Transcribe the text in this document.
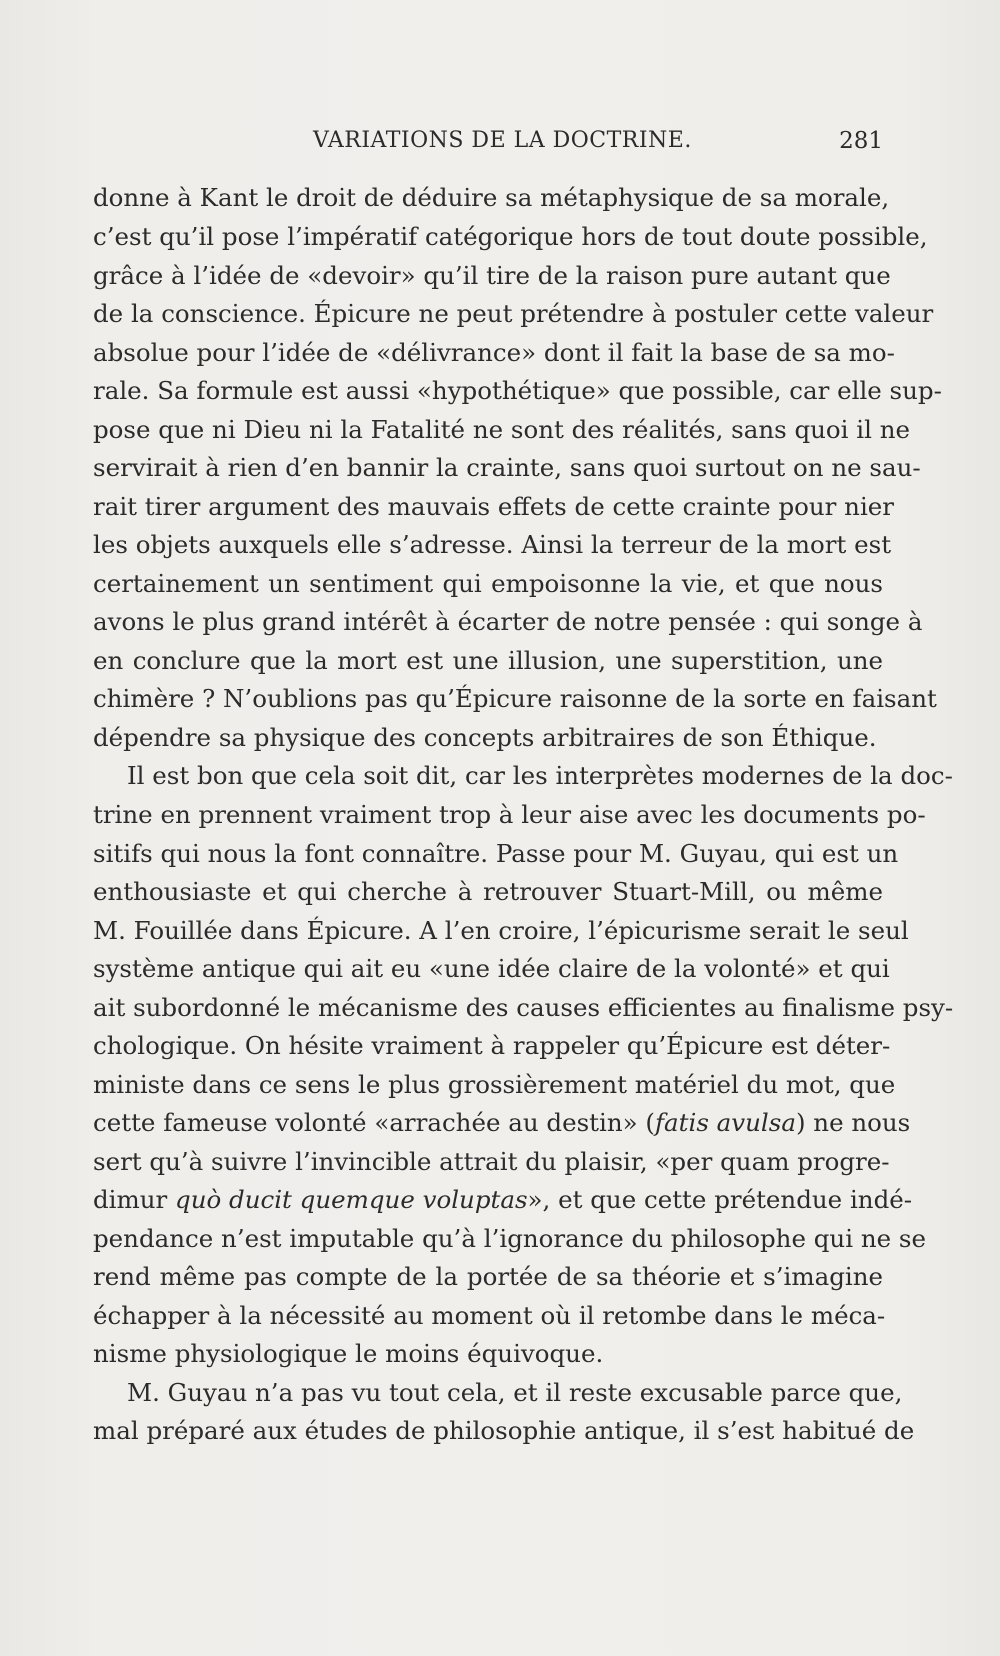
VARIATIONS DE LA DOCTRINE.	281
donne à Kant le droit de déduire sa métaphysique de sa morale,
c’est qu’il pose l’impératif catégorique hors de tout doute possible,
grâce à l’idée de «devoir» qu’il tire de la raison pure autant que
de la conscience. Épicure ne peut prétendre à postuler cette valeur
absolue pour l’idée de «délivrance» dont il fait la base de sa mo-
rale. Sa formule est aussi «hypothétique» que possible, car elle sup-
pose que ni Dieu ni la Fatalité ne sont des réalités, sans quoi il ne
servirait à rien d’en bannir la crainte, sans quoi surtout on ne sau-
rait tirer argument des mauvais effets de cette crainte pour nier
les objets auxquels elle s’adresse. Ainsi la terreur de la mort est
certainement un sentiment qui empoisonne la vie, et que nous
avons le plus grand intérêt à écarter de notre pensée : qui songe à
en conclure que la mort est une illusion, une superstition, une
chimère ? N’oublions pas qu’Épicure raisonne de la sorte en faisant
dépendre sa physique des concepts arbitraires de son Éthique.
Il est bon que cela soit dit, car les interprètes modernes de la doc-
trine en prennent vraiment trop à leur aise avec les documents po-
sitifs qui nous la font connaître. Passe pour M. Guyau, qui est un
enthousiaste et qui cherche à retrouver Stuart-Mill, ou même
M. Fouillée dans Épicure. A l’en croire, l’épicurisme serait le seul
système antique qui ait eu «une idée claire de la volonté» et qui
ait subordonné le mécanisme des causes efficientes au finalisme psy-
chologique. On hésite vraiment à rappeler qu’Épicure est déter-
ministe dans ce sens le plus grossièrement matériel du mot, que
cette fameuse volonté «arrachée au destin» (fatis avulsa) ne nous
sert qu’à suivre l’invincible attrait du plaisir, «per quam progre-
dimur quò ducit quemque voluptas», et que cette prétendue indé-
pendance n’est imputable qu’à l’ignorance du philosophe qui ne se
rend même pas compte de la portée de sa théorie et s’imagine
échapper à la nécessité au moment où il retombe dans le méca-
nisme physiologique le moins équivoque.
M. Guyau n’a pas vu tout cela, et il reste excusable parce que,
mal préparé aux études de philosophie antique, il s’est habitué de
